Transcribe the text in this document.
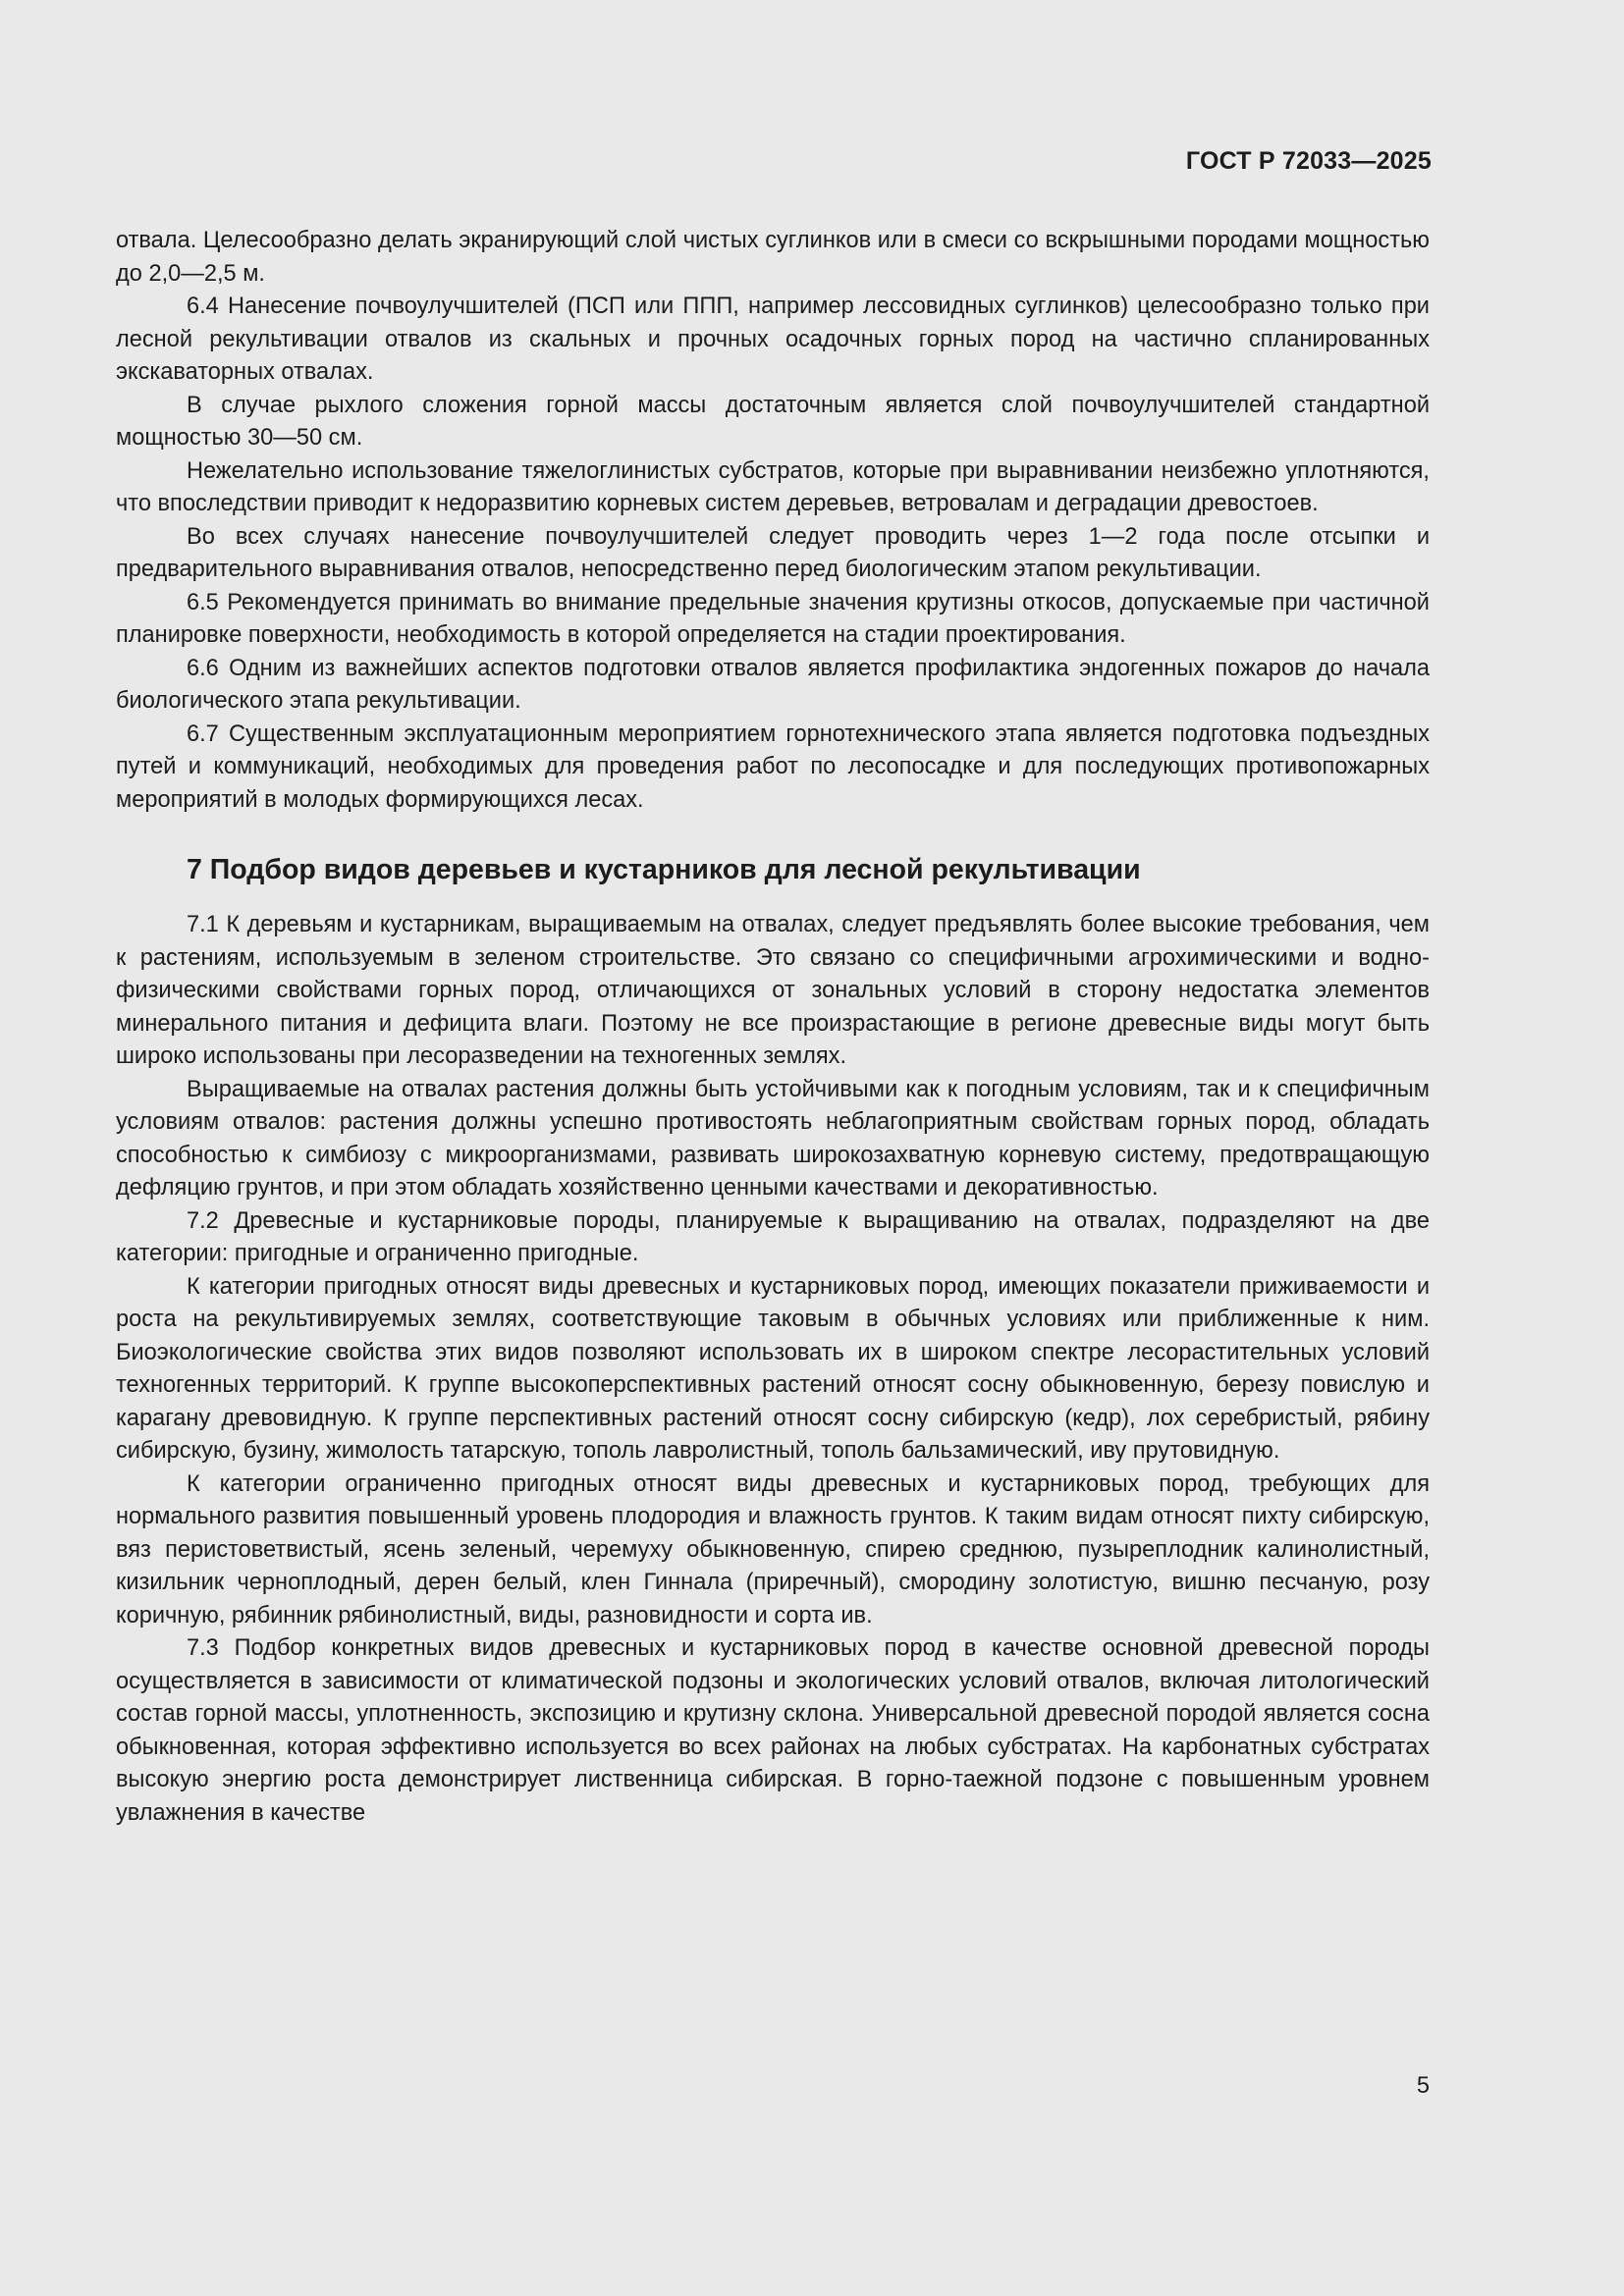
ГОСТ Р 72033—2025

отвала. Целесообразно делать экранирующий слой чистых суглинков или в смеси со вскрышными породами мощностью до 2,0—2,5 м.

6.4 Нанесение почвоулучшителей (ПСП или ППП, например лессовидных суглинков) целесообразно только при лесной рекультивации отвалов из скальных и прочных осадочных горных пород на частично спланированных экскаваторных отвалах.

В случае рыхлого сложения горной массы достаточным является слой почвоулучшителей стандартной мощностью 30—50 см.

Нежелательно использование тяжелоглинистых субстратов, которые при выравнивании неизбежно уплотняются, что впоследствии приводит к недоразвитию корневых систем деревьев, ветровалам и деградации древостоев.

Во всех случаях нанесение почвоулучшителей следует проводить через 1—2 года после отсыпки и предварительного выравнивания отвалов, непосредственно перед биологическим этапом рекультивации.

6.5 Рекомендуется принимать во внимание предельные значения крутизны откосов, допускаемые при частичной планировке поверхности, необходимость в которой определяется на стадии проектирования.

6.6 Одним из важнейших аспектов подготовки отвалов является профилактика эндогенных пожаров до начала биологического этапа рекультивации.

6.7 Существенным эксплуатационным мероприятием горнотехнического этапа является подготовка подъездных путей и коммуникаций, необходимых для проведения работ по лесопосадке и для последующих противопожарных мероприятий в молодых формирующихся лесах.

7 Подбор видов деревьев и кустарников для лесной рекультивации

7.1 К деревьям и кустарникам, выращиваемым на отвалах, следует предъявлять более высокие требования, чем к растениям, используемым в зеленом строительстве. Это связано со специфичными агрохимическими и водно-физическими свойствами горных пород, отличающихся от зональных условий в сторону недостатка элементов минерального питания и дефицита влаги. Поэтому не все произрастающие в регионе древесные виды могут быть широко использованы при лесоразведении на техногенных землях.

Выращиваемые на отвалах растения должны быть устойчивыми как к погодным условиям, так и к специфичным условиям отвалов: растения должны успешно противостоять неблагоприятным свойствам горных пород, обладать способностью к симбиозу с микроорганизмами, развивать широкозахватную корневую систему, предотвращающую дефляцию грунтов, и при этом обладать хозяйственно ценными качествами и декоративностью.

7.2 Древесные и кустарниковые породы, планируемые к выращиванию на отвалах, подразделяют на две категории: пригодные и ограниченно пригодные.

К категории пригодных относят виды древесных и кустарниковых пород, имеющих показатели приживаемости и роста на рекультивируемых землях, соответствующие таковым в обычных условиях или приближенные к ним. Биоэкологические свойства этих видов позволяют использовать их в широком спектре лесорастительных условий техногенных территорий. К группе высокоперспективных растений относят сосну обыкновенную, березу повислую и карагану древовидную. К группе перспективных растений относят сосну сибирскую (кедр), лох серебристый, рябину сибирскую, бузину, жимолость татарскую, тополь лавролистный, тополь бальзамический, иву прутовидную.

К категории ограниченно пригодных относят виды древесных и кустарниковых пород, требующих для нормального развития повышенный уровень плодородия и влажность грунтов. К таким видам относят пихту сибирскую, вяз перистоветвистый, ясень зеленый, черемуху обыкновенную, спирею среднюю, пузыреплодник калинолистный, кизильник черноплодный, дерен белый, клен Гиннала (приречный), смородину золотистую, вишню песчаную, розу коричную, рябинник рябинолистный, виды, разновидности и сорта ив.

7.3 Подбор конкретных видов древесных и кустарниковых пород в качестве основной древесной породы осуществляется в зависимости от климатической подзоны и экологических условий отвалов, включая литологический состав горной массы, уплотненность, экспозицию и крутизну склона. Универсальной древесной породой является сосна обыкновенная, которая эффективно используется во всех районах на любых субстратах. На карбонатных субстратах высокую энергию роста демонстрирует лиственница сибирская. В горно-таежной подзоне с повышенным уровнем увлажнения в качестве

5
